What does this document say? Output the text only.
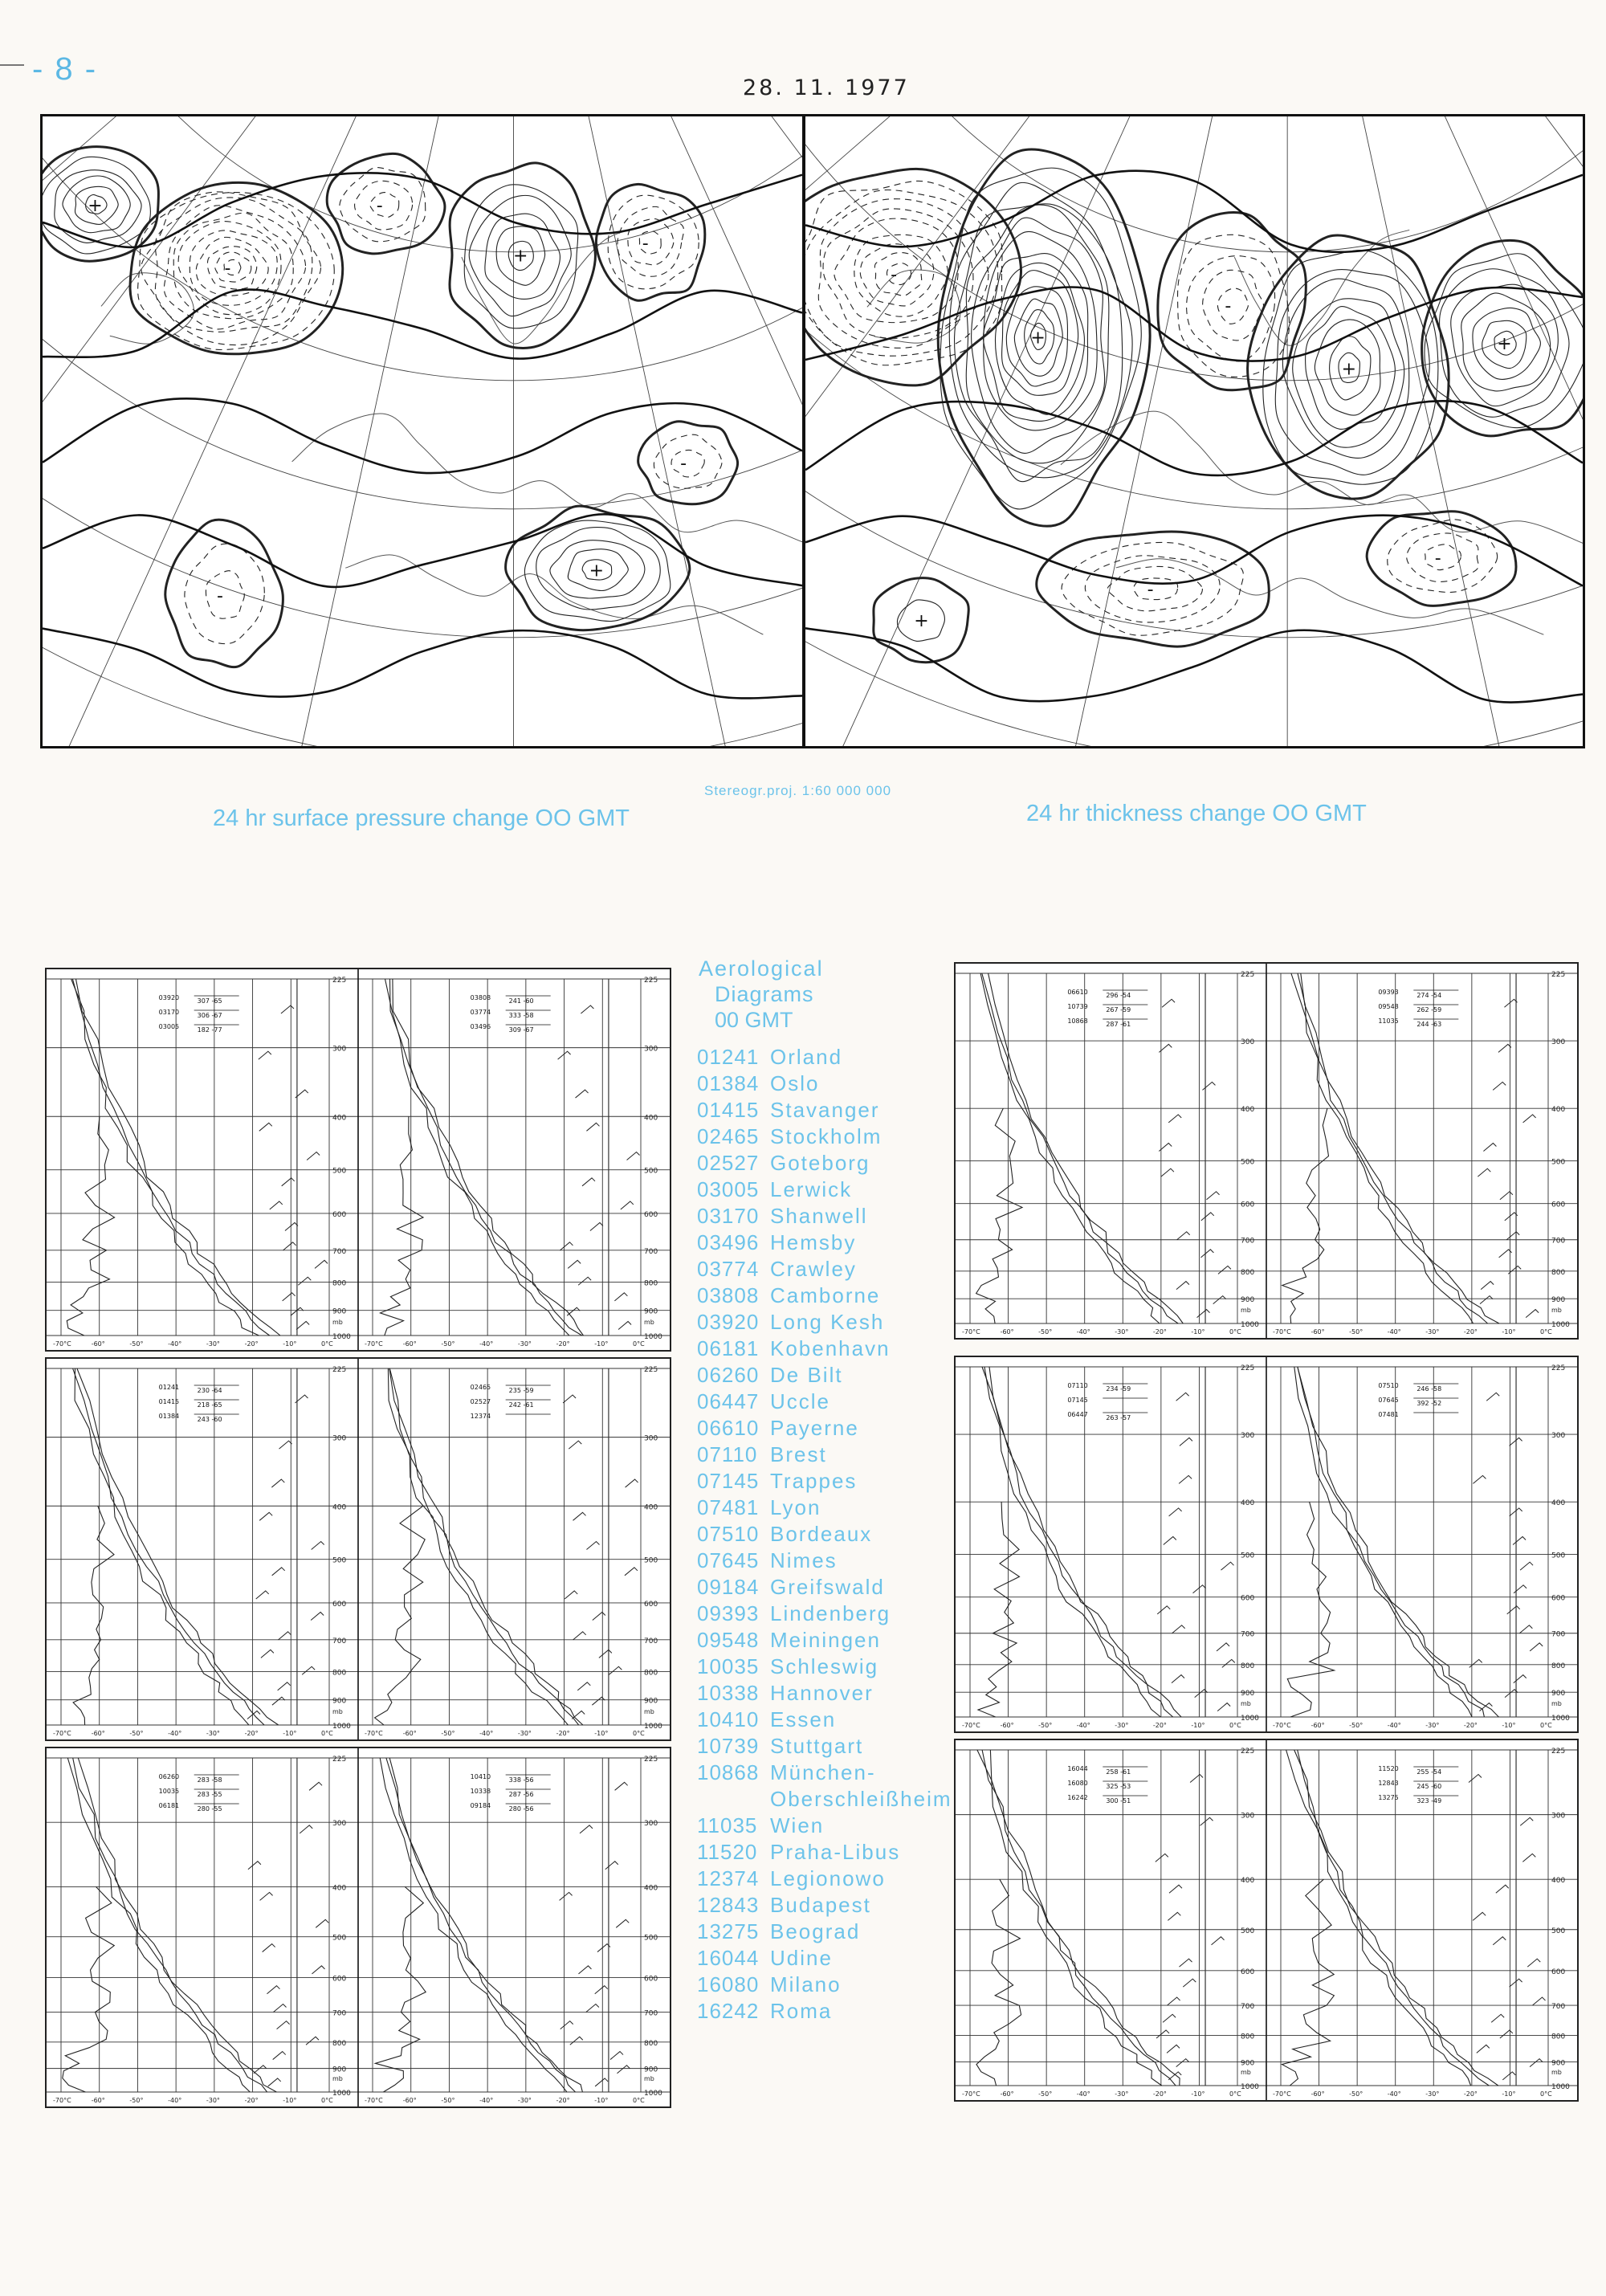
- 8 -
28. 11. 1977
+
-
-
+
-
+
-
-
-
+
-
+
+
-
+
-
24 hr surface pressure change OO GMT
Stereogr.proj. 1:60 000 000
24 hr thickness change OO GMT
225
300
400
500
600
700
800
900
1000
-70°C	-60°	-50°	-40°	-30°	-20°	-10°	0°C
mb
03920	307 -65
03170	306 -67
03005	182 -77
225
300
400
500
600
700
800
900
1000
-70°C	-60°	-50°	-40°	-30°	-20°	-10°	0°C
mb
03808	241 -60
03774	333 -58
03496	309 -67
225
300
400
500
600
700
800
900
1000
-70°C	-60°	-50°	-40°	-30°	-20°	-10°	0°C
mb
01241	230 -64
01415	218 -65
01384	243 -60
225
300
400
500
600
700
800
900
1000
-70°C	-60°	-50°	-40°	-30°	-20°	-10°	0°C
mb
02465	235 -59
02527	242 -61
12374
225
300
400
500
600
700
800
900
1000
-70°C	-60°	-50°	-40°	-30°	-20°	-10°	0°C
mb
06260	283 -58
10035	283 -55
06181	280 -55
225
300
400
500
600
700
800
900
1000
-70°C	-60°	-50°	-40°	-30°	-20°	-10°	0°C
mb
10410	338 -56
10338	287 -56
09184	280 -56
225
300
400
500
600
700
800
900
1000
-70°C	-60°	-50°	-40°	-30°	-20°	-10°	0°C
mb
06610	296 -54
10739	267 -59
10868	287 -61
225
300
400
500
600
700
800
900
1000
-70°C	-60°	-50°	-40°	-30°	-20°	-10°	0°C
mb
09393	274 -54
09548	262 -59
11035	244 -63
225
300
400
500
600
700
800
900
1000
-70°C	-60°	-50°	-40°	-30°	-20°	-10°	0°C
mb
07110	234 -59
07145
06447	263 -57
225
300
400
500
600
700
800
900
1000
-70°C	-60°	-50°	-40°	-30°	-20°	-10°	0°C
mb
07510	246 -58
07645	392 -52
07481
225
300
400
500
600
700
800
900
1000
-70°C	-60°	-50°	-40°	-30°	-20°	-10°	0°C
mb
16044	258 -61
16080	325 -53
16242	300 -51
225
300
400
500
600
700
800
900
1000
-70°C	-60°	-50°	-40°	-30°	-20°	-10°	0°C
mb
11520	255 -54
12843	245 -60
13275	323 -49
Aerological
Diagrams
00 GMT
01241 Orland
01384 Oslo
01415 Stavanger
02465 Stockholm
02527 Goteborg
03005 Lerwick
03170 Shanwell
03496 Hemsby
03774 Crawley
03808 Camborne
03920 Long Kesh
06181 Kobenhavn
06260 De Bilt
06447 Uccle
06610 Payerne
07110 Brest
07145 Trappes
07481 Lyon
07510 Bordeaux
07645 Nimes
09184 Greifswald
09393 Lindenberg
09548 Meiningen
10035 Schleswig
10338 Hannover
10410 Essen
10739 Stuttgart
10868 München-
Oberschleißheim
11035 Wien
11520 Praha-Libus
12374 Legionowo
12843 Budapest
13275 Beograd
16044 Udine
16080 Milano
16242 Roma
